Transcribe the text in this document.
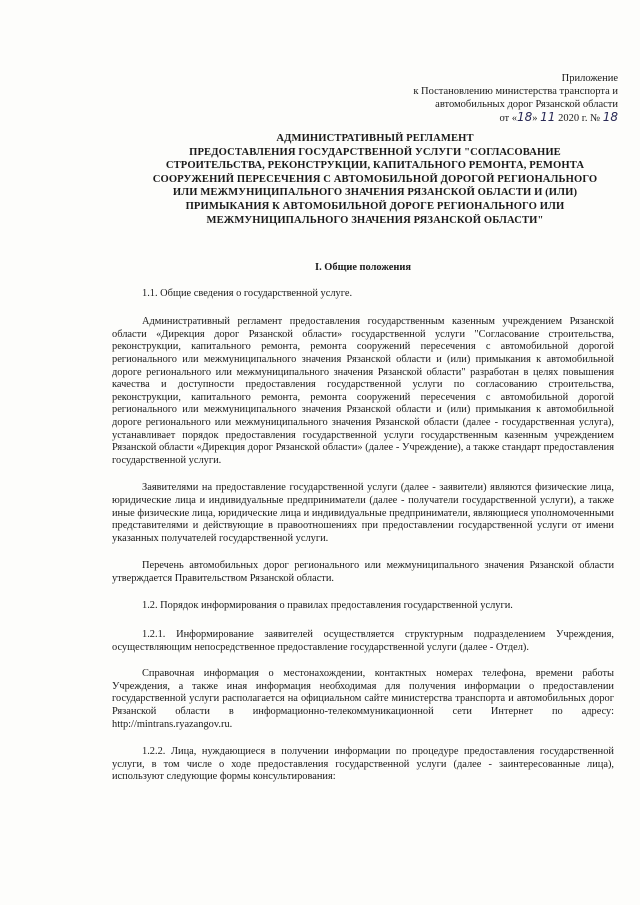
Приложение
к Постановлению министерства транспорта и
автомобильных дорог Рязанской области
от «18» 11 2020 г. № 18
АДМИНИСТРАТИВНЫЙ РЕГЛАМЕНТ
ПРЕДОСТАВЛЕНИЯ ГОСУДАРСТВЕННОЙ УСЛУГИ "СОГЛАСОВАНИЕ
СТРОИТЕЛЬСТВА, РЕКОНСТРУКЦИИ, КАПИТАЛЬНОГО РЕМОНТА, РЕМОНТА
СООРУЖЕНИЙ ПЕРЕСЕЧЕНИЯ С АВТОМОБИЛЬНОЙ ДОРОГОЙ РЕГИОНАЛЬНОГО
ИЛИ МЕЖМУНИЦИПАЛЬНОГО ЗНАЧЕНИЯ РЯЗАНСКОЙ ОБЛАСТИ И (ИЛИ)
ПРИМЫКАНИЯ К АВТОМОБИЛЬНОЙ ДОРОГЕ РЕГИОНАЛЬНОГО ИЛИ
МЕЖМУНИЦИПАЛЬНОГО ЗНАЧЕНИЯ РЯЗАНСКОЙ ОБЛАСТИ"
I. Общие положения
1.1. Общие сведения о государственной услуге.
Административный регламент предоставления государственным казенным учреждением Рязанской области «Дирекция дорог Рязанской области» государственной услуги "Согласование строительства, реконструкции, капитального ремонта, ремонта сооружений пересечения с автомобильной дорогой регионального или межмуниципального значения Рязанской области и (или) примыкания к автомобильной дороге регионального или межмуниципального значения Рязанской области" разработан в целях повышения качества и доступности предоставления государственной услуги по согласованию строительства, реконструкции, капитального ремонта, ремонта сооружений пересечения с автомобильной дорогой регионального или межмуниципального значения Рязанской области и (или) примыкания к автомобильной дороге регионального или межмуниципального значения Рязанской области (далее - государственная услуга), устанавливает порядок предоставления государственной услуги государственным казенным учреждением Рязанской области «Дирекция дорог Рязанской области» (далее - Учреждение), а также стандарт предоставления государственной услуги.
Заявителями на предоставление государственной услуги (далее - заявители) являются физические лица, юридические лица и индивидуальные предприниматели (далее - получатели государственной услуги), а также иные физические лица, юридические лица и индивидуальные предприниматели, являющиеся уполномоченными представителями и действующие в правоотношениях при предоставлении государственной услуги от имени указанных получателей государственной услуги.
Перечень автомобильных дорог регионального или межмуниципального значения Рязанской области утверждается Правительством Рязанской области.
1.2. Порядок информирования о правилах предоставления государственной услуги.
1.2.1. Информирование заявителей осуществляется структурным подразделением Учреждения, осуществляющим непосредственное предоставление государственной услуги (далее - Отдел).
Справочная информация о местонахождении, контактных номерах телефона, времени работы Учреждения, а также иная информация необходимая для получения информации о предоставлении государственной услуги располагается на официальном сайте министерства транспорта и автомобильных дорог Рязанской области в информационно-телекоммуникационной сети Интернет по адресу: http://mintrans.ryazangov.ru.
1.2.2. Лица, нуждающиеся в получении информации по процедуре предоставления государственной услуги, в том числе о ходе предоставления государственной услуги (далее - заинтересованные лица), используют следующие формы консультирования:
